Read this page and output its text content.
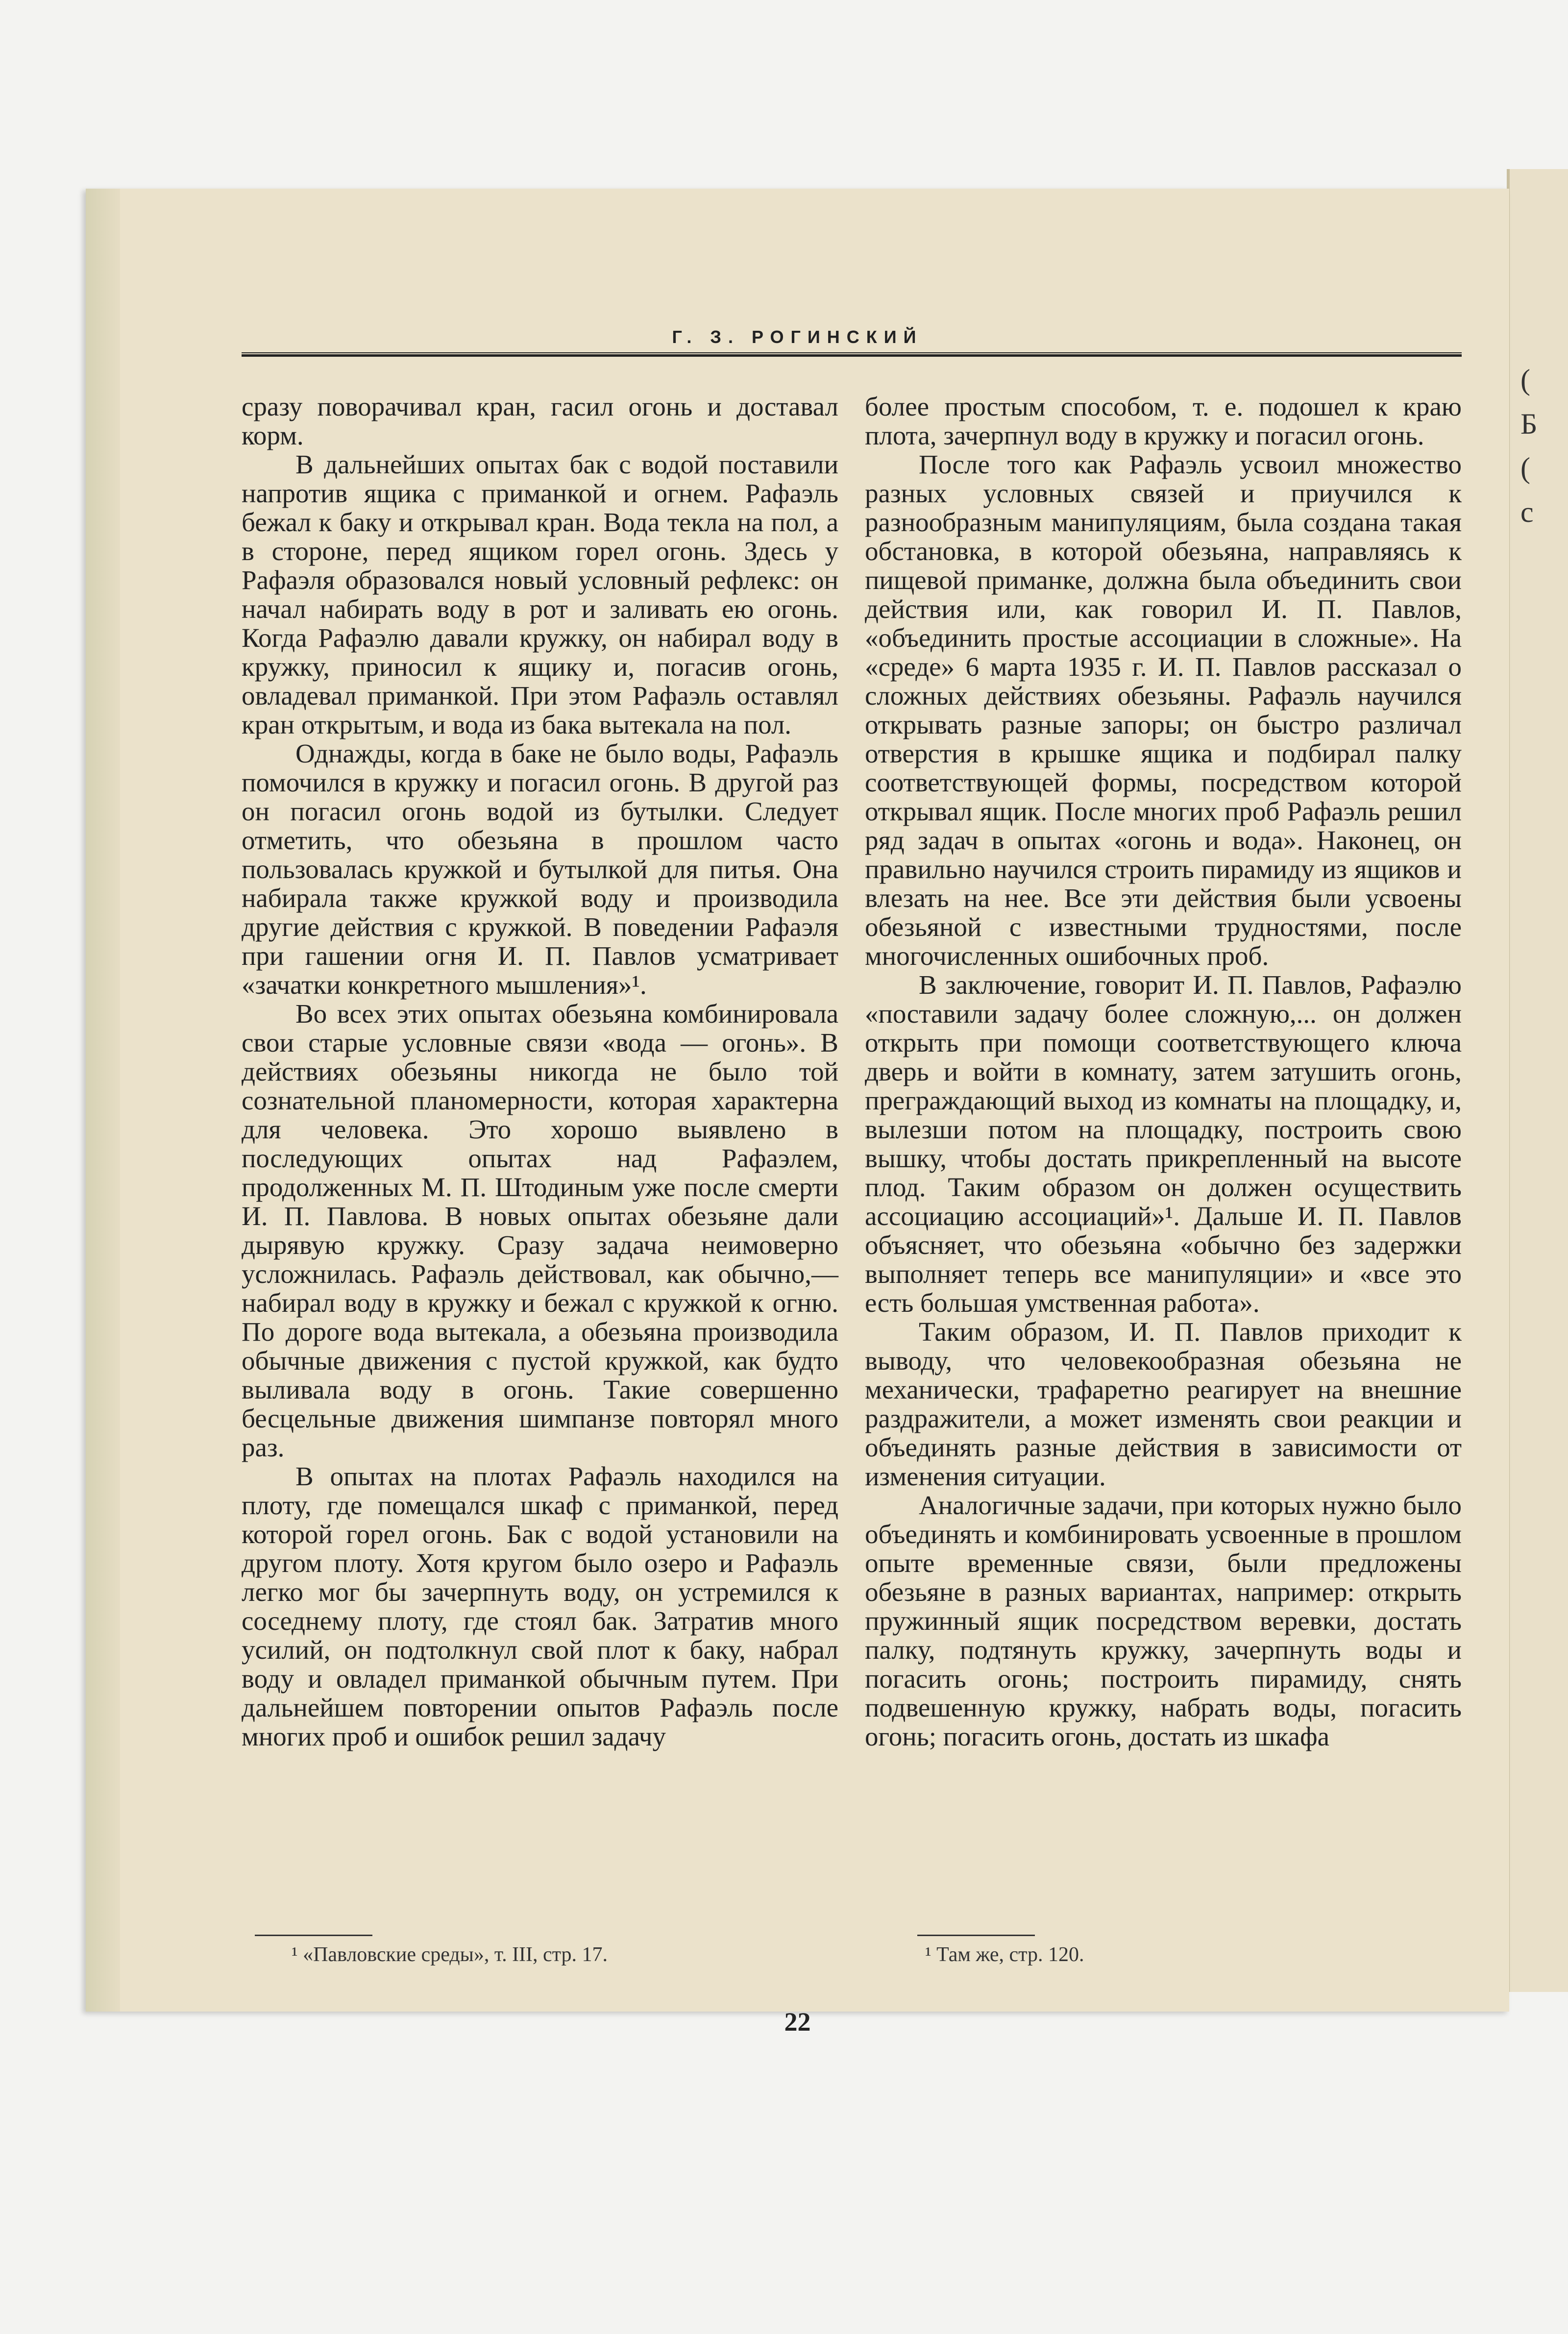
(
Б
(
с
Г. З. РОГИНСКИЙ

сразу поворачивал кран, гасил огонь и доставал корм.

В дальнейших опытах бак с водой поставили напротив ящика с приманкой и огнем. Рафаэль бежал к баку и открывал кран. Вода текла на пол, а в стороне, перед ящиком горел огонь. Здесь у Рафаэля образовался новый условный рефлекс: он начал набирать воду в рот и заливать ею огонь. Когда Рафаэлю давали кружку, он набирал воду в кружку, приносил к ящику и, погасив огонь, овладевал приманкой. При этом Рафаэль оставлял кран открытым, и вода из бака вытекала на пол.

Однажды, когда в баке не было воды, Рафаэль помочился в кружку и погасил огонь. В другой раз он погасил огонь водой из бутылки. Следует отметить, что обезьяна в прошлом часто пользовалась кружкой и бутылкой для питья. Она набирала также кружкой воду и производила другие действия с кружкой. В поведении Рафаэля при гашении огня И. П. Павлов усматривает «зачатки конкретного мышления»¹.

Во всех этих опытах обезьяна комбинировала свои старые условные связи «вода — огонь». В действиях обезьяны никогда не было той сознательной планомерности, которая характерна для человека. Это хорошо выявлено в последующих опытах над Рафаэлем, продолженных М. П. Штодиным уже после смерти И. П. Павлова. В новых опытах обезьяне дали дырявую кружку. Сразу задача неимоверно усложнилась. Рафаэль действовал, как обычно,— набирал воду в кружку и бежал с кружкой к огню. По дороге вода вытекала, а обезьяна производила обычные движения с пустой кружкой, как будто выливала воду в огонь. Такие совершенно бесцельные движения шимпанзе повторял много раз.

В опытах на плотах Рафаэль находился на плоту, где помещался шкаф с приманкой, перед которой горел огонь. Бак с водой установили на другом плоту. Хотя кругом было озеро и Рафаэль легко мог бы зачерпнуть воду, он устремился к соседнему плоту, где стоял бак. Затратив много усилий, он подтолкнул свой плот к баку, набрал воду и овладел приманкой обычным путем. При дальнейшем повторении опытов Рафаэль после многих проб и ошибок решил задачу

более простым способом, т. е. подошел к краю плота, зачерпнул воду в кружку и погасил огонь.

После того как Рафаэль усвоил множество разных условных связей и приучился к разнообразным манипуляциям, была создана такая обстановка, в которой обезьяна, направляясь к пищевой приманке, должна была объединить свои действия или, как говорил И. П. Павлов, «объединить простые ассоциации в сложные». На «среде» 6 марта 1935 г. И. П. Павлов рассказал о сложных действиях обезьяны. Рафаэль научился открывать разные запоры; он быстро различал отверстия в крышке ящика и подбирал палку соответствующей формы, посредством которой открывал ящик. После многих проб Рафаэль решил ряд задач в опытах «огонь и вода». Наконец, он правильно научился строить пирамиду из ящиков и влезать на нее. Все эти действия были усвоены обезьяной с известными трудностями, после многочисленных ошибочных проб.

В заключение, говорит И. П. Павлов, Рафаэлю «поставили задачу более сложную,... он должен открыть при помощи соответствующего ключа дверь и войти в комнату, затем затушить огонь, преграждающий выход из комнаты на площадку, и, вылезши потом на площадку, построить свою вышку, чтобы достать прикрепленный на высоте плод. Таким образом он должен осуществить ассоциацию ассоциаций»¹. Дальше И. П. Павлов объясняет, что обезьяна «обычно без задержки выполняет теперь все манипуляции» и «все это есть большая умственная работа».

Таким образом, И. П. Павлов приходит к выводу, что человекообразная обезьяна не механически, трафаретно реагирует на внешние раздражители, а может изменять свои реакции и объединять разные действия в зависимости от изменения ситуации.

Аналогичные задачи, при которых нужно было объединять и комбинировать усвоенные в прошлом опыте временные связи, были предложены обезьяне в разных вариантах, например: открыть пружинный ящик посредством веревки, достать палку, подтянуть кружку, зачерпнуть воды и погасить огонь; построить пирамиду, снять подвешенную кружку, набрать воды, погасить огонь; погасить огонь, достать из шкафа

¹ «Павловские среды», т. III, стр. 17.	¹ Там же, стр. 120.
22
